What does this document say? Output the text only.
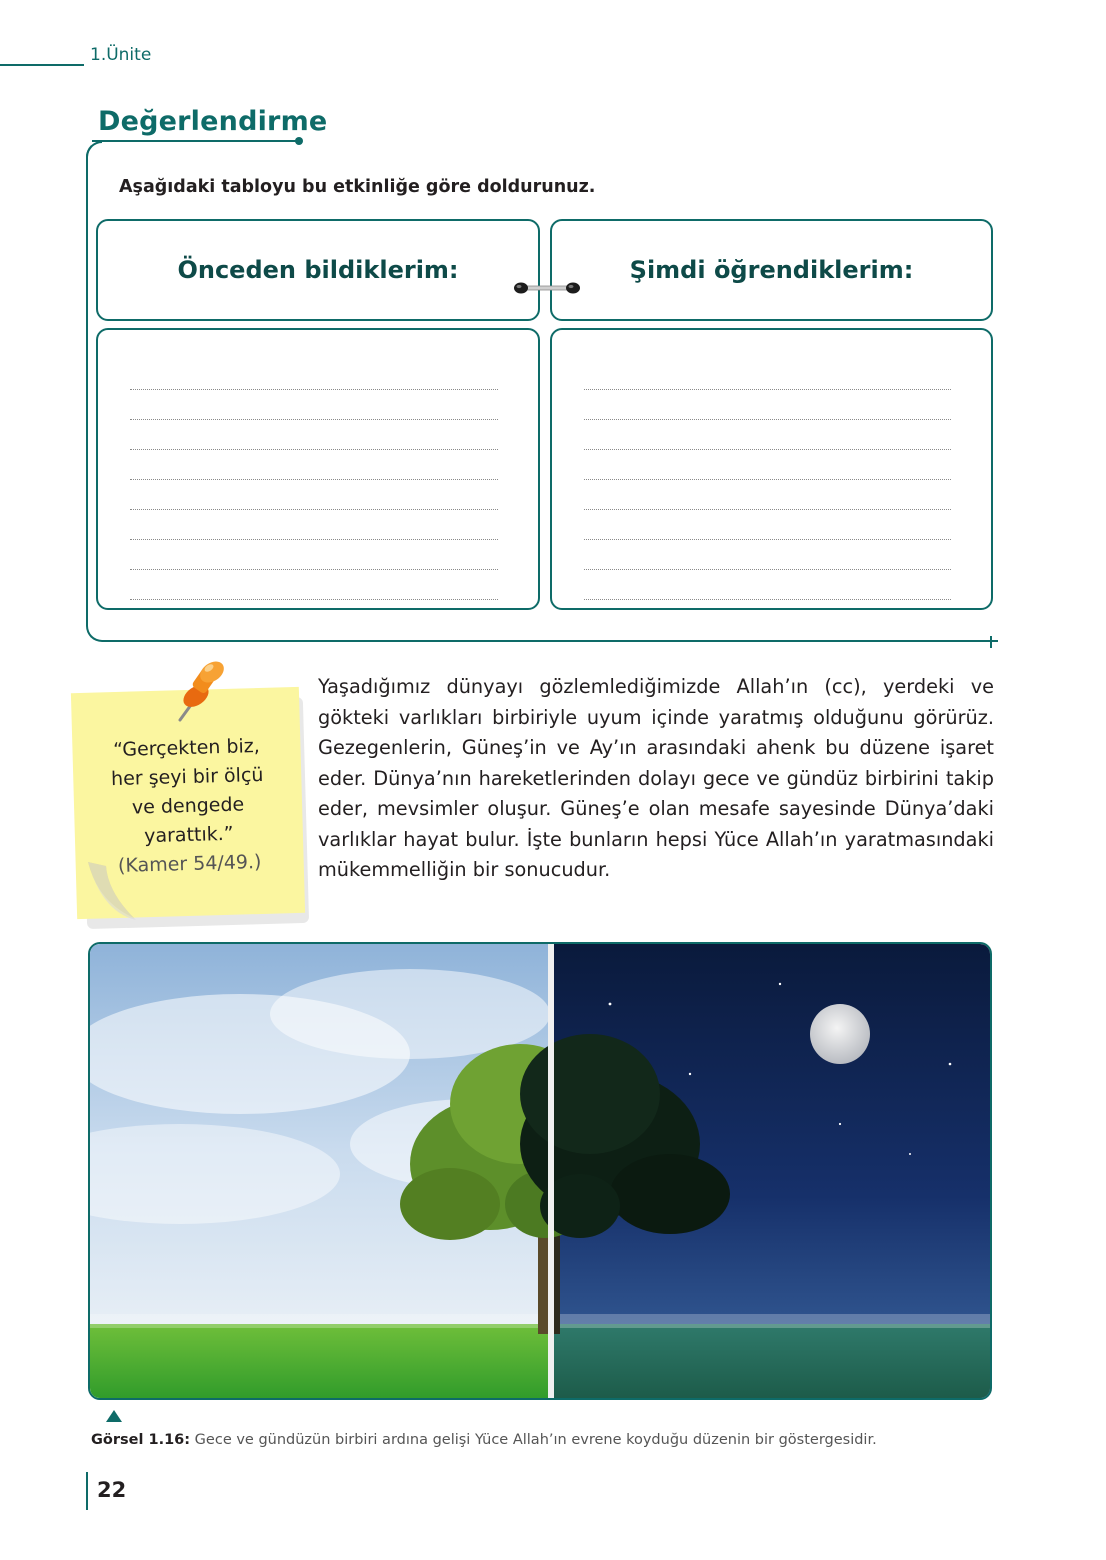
1.Ünite
Değerlendirme
Aşağıdaki tabloyu bu etkinliğe göre doldurunuz.
Önceden bildiklerim:	Şimdi öğrendiklerim:
“Gerçekten biz,
her şeyi bir ölçü
ve dengede
yarattık.”
(Kamer 54/49.)
Yaşadığımız dünyayı gözlemlediğimizde Allah’ın (cc), yerdeki ve gökteki varlıkları birbiriyle uyum içinde yaratmış olduğunu görürüz. Gezegenlerin, Güneş’in ve Ay’ın arasındaki ahenk bu düzene işaret eder. Dünya’nın hareketlerinden dolayı gece ve gündüz birbirini takip eder, mevsimler oluşur. Güneş’e olan mesafe sayesinde Dünya’daki varlıklar hayat bulur. İşte bunların hepsi Yüce Allah’ın yaratmasındaki mükemmelliğin bir sonucudur.
Görsel 1.16: Gece ve gündüzün birbiri ardına gelişi Yüce Allah’ın evrene koyduğu düzenin bir göstergesidir.
22
